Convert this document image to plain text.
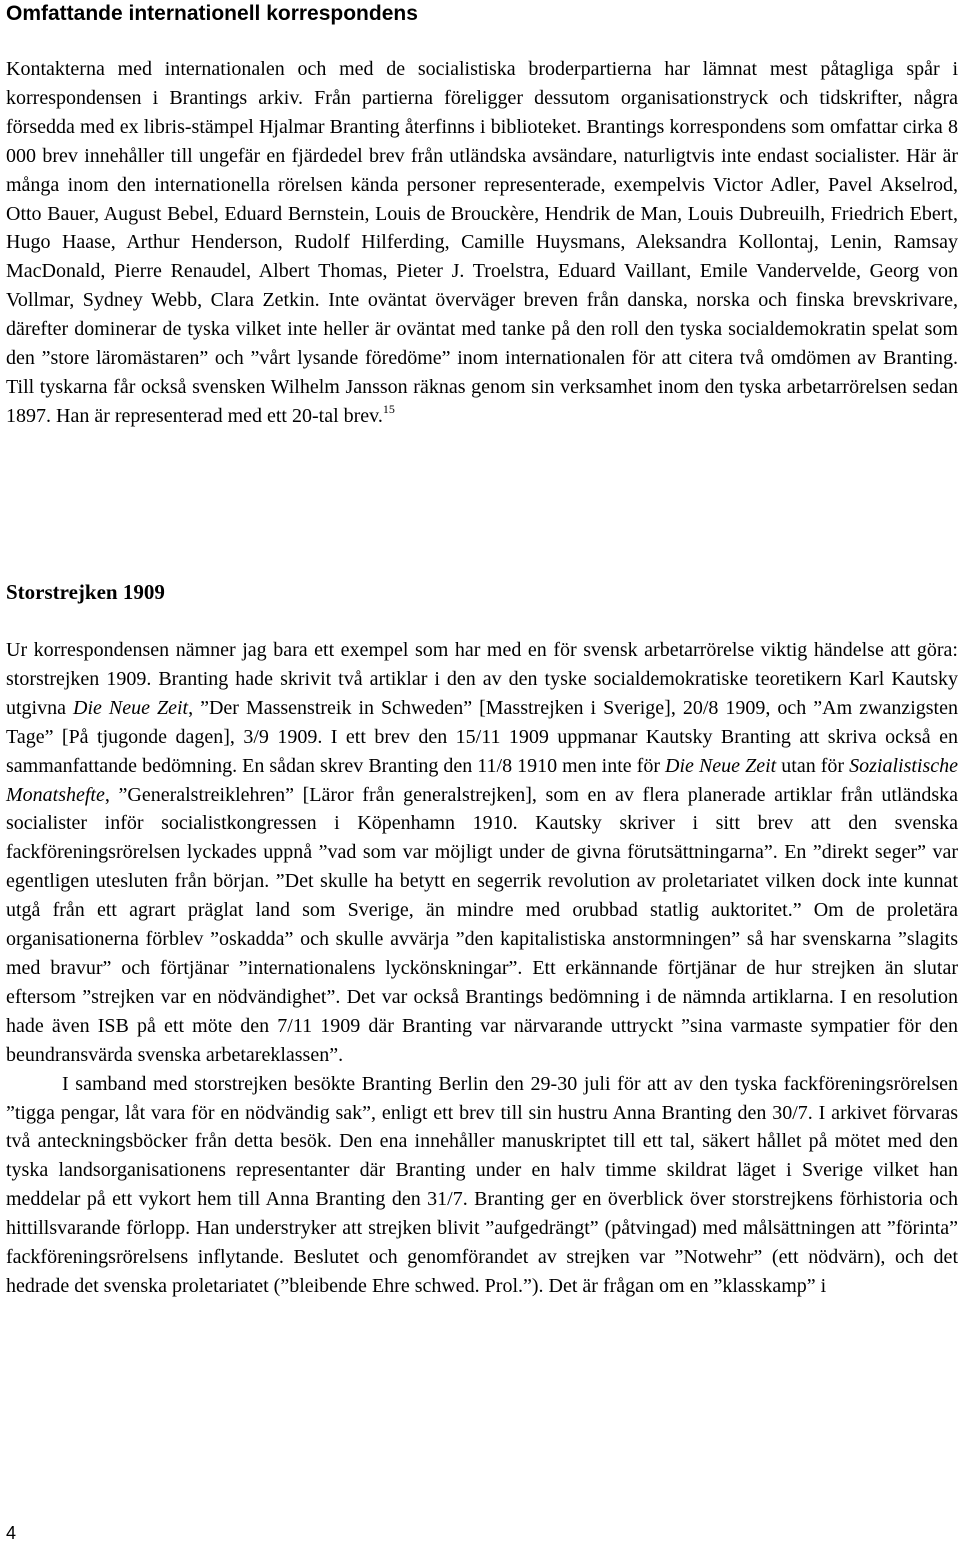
Omfattande internationell korrespondens

Kontakterna med internationalen och med de socialistiska broderpartierna har lämnat mest påtagliga spår i korrespondensen i Brantings arkiv. Från partierna föreligger dessutom organisationstryck och tidskrifter, några försedda med ex libris-stämpel Hjalmar Branting återfinns i biblioteket. Brantings korrespondens som omfattar cirka 8 000 brev innehåller till ungefär en fjärdedel brev från utländska avsändare, naturligtvis inte endast socialister. Här är många inom den internationella rörelsen kända personer representerade, exempelvis Victor Adler, Pavel Akselrod, Otto Bauer, August Bebel, Eduard Bernstein, Louis de Brouckère, Hendrik de Man, Louis Dubreuilh, Friedrich Ebert, Hugo Haase, Arthur Henderson, Rudolf Hilferding, Camille Huysmans, Aleksandra Kollontaj, Lenin, Ramsay MacDonald, Pierre Renaudel, Albert Thomas, Pieter J. Troelstra, Eduard Vaillant, Emile Vandervelde, Georg von Vollmar, Sydney Webb, Clara Zetkin. Inte oväntat överväger breven från danska, norska och finska brevskrivare, därefter dominerar de tyska vilket inte heller är oväntat med tanke på den roll den tyska socialdemokratin spelat som den ”store läromästaren” och ”vårt lysande föredöme” inom internationalen för att citera två omdömen av Branting. Till tyskarna får också svensken Wilhelm Jansson räknas genom sin verksamhet inom den tyska arbetarrörelsen sedan 1897. Han är representerad med ett 20-tal brev.$^{15}$

Storstrejken 1909

Ur korrespondensen nämner jag bara ett exempel som har med en för svensk arbetarrörelse viktig händelse att göra: storstrejken 1909. Branting hade skrivit två artiklar i den av den tyske socialdemokratiske teoretikern Karl Kautsky utgivna Die Neue Zeit, ”Der Massenstreik in Schweden” [Masstrejken i Sverige], 20/8 1909, och ”Am zwanzigsten Tage” [På tjugonde dagen], 3/9 1909. I ett brev den 15/11 1909 uppmanar Kautsky Branting att skriva också en sammanfattande bedömning. En sådan skrev Branting den 11/8 1910 men inte för Die Neue Zeit utan för Sozialistische Monatshefte, ”Generalstreiklehren” [Läror från generalstrejken], som en av flera planerade artiklar från utländska socialister inför socialistkongressen i Köpenhamn 1910. Kautsky skriver i sitt brev att den svenska fackföreningsrörelsen lyckades uppnå ”vad som var möjligt under de givna förutsättningarna”. En ”direkt seger” var egentligen utesluten från början. ”Det skulle ha betytt en segerrik revolution av proletariatet vilken dock inte kunnat utgå från ett agrart präglat land som Sverige, än mindre med orubbad statlig auktoritet.” Om de proletära organisationerna förblev ”oskadda” och skulle avvärja ”den kapitalistiska anstormningen” så har svenskarna ”slagits med bravur” och förtjänar ”internationalens lyckönskningar”. Ett erkännande förtjänar de hur strejken än slutar eftersom ”strejken var en nödvändighet”. Det var också Brantings bedömning i de nämnda artiklarna. I en resolution hade även ISB på ett möte den 7/11 1909 där Branting var närvarande uttryckt ”sina varmaste sympatier för den beundransvärda svenska arbetareklassen”.

I samband med storstrejken besökte Branting Berlin den 29-30 juli för att av den tyska fackföreningsrörelsen ”tigga pengar, låt vara för en nödvändig sak”, enligt ett brev till sin hustru Anna Branting den 30/7. I arkivet förvaras två anteckningsböcker från detta besök. Den ena innehåller manuskriptet till ett tal, säkert hållet på mötet med den tyska landsorganisationens representanter där Branting under en halv timme skildrat läget i Sverige vilket han meddelar på ett vykort hem till Anna Branting den 31/7. Branting ger en överblick över storstrejkens förhistoria och hittillsvarande förlopp. Han understryker att strejken blivit ”aufgedrängt” (påtvingad) med målsättningen att ”förinta” fackföreningsrörelsens inflytande. Beslutet och genomförandet av strejken var ”Notwehr” (ett nödvärn), och det hedrade det svenska proletariatet (”bleibende Ehre schwed. Prol.”). Det är frågan om en ”klasskamp” i

4
